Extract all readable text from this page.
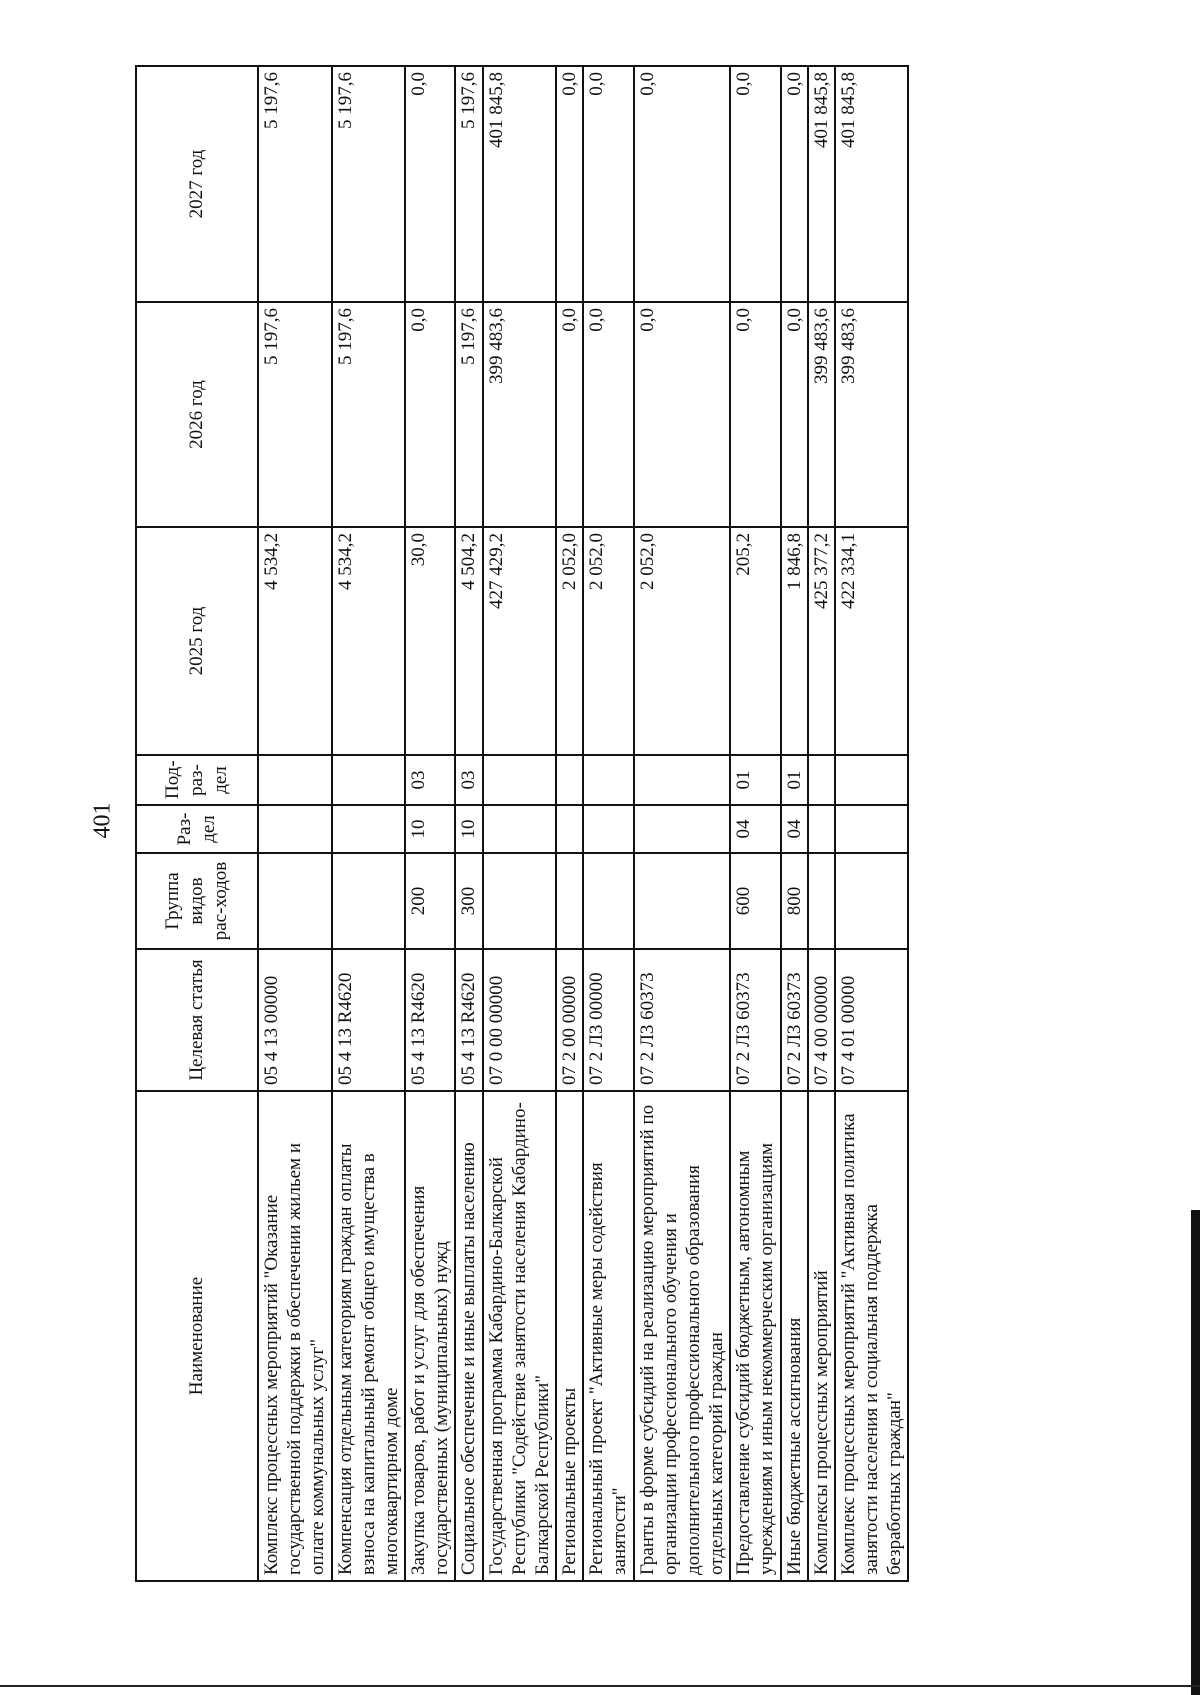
401
Наименование	Целевая статья	Группа видов рас-ходов	Раз-дел	Под-раз-дел	2025 год	2026 год	2027 год
Комплекс процессных мероприятий "Оказание государственной поддержки в обеспечении жильем и оплате коммунальных услуг"	05 4 13 00000				4 534,2	5 197,6	5 197,6
Компенсация отдельным категориям граждан оплаты взноса на капитальный ремонт общего имущества в многоквартирном доме	05 4 13 R4620				4 534,2	5 197,6	5 197,6
Закупка товаров, работ и услуг для обеспечения государственных (муниципальных) нужд	05 4 13 R4620	200	10	03	30,0	0,0	0,0
Социальное обеспечение и иные выплаты населению	05 4 13 R4620	300	10	03	4 504,2	5 197,6	5 197,6
Государственная программа Кабардино-Балкарской Республики "Содействие занятости населения Кабардино-Балкарской Республики"	07 0 00 00000				427 429,2	399 483,6	401 845,8
Региональные проекты	07 2 00 00000				2 052,0	0,0	0,0
Региональный проект "Активные меры содействия занятости"	07 2 Л3 00000				2 052,0	0,0	0,0
Гранты в форме субсидий на реализацию мероприятий по организации профессионального обучения и дополнительного профессионального образования отдельных категорий граждан	07 2 Л3 60373				2 052,0	0,0	0,0
Предоставление субсидий бюджетным, автономным учреждениям и иным некоммерческим организациям	07 2 Л3 60373	600	04	01	205,2	0,0	0,0
Иные бюджетные ассигнования	07 2 Л3 60373	800	04	01	1 846,8	0,0	0,0
Комплексы процессных мероприятий	07 4 00 00000				425 377,2	399 483,6	401 845,8
Комплекс процессных мероприятий "Активная политика занятости населения и социальная поддержка безработных граждан"	07 4 01 00000				422 334,1	399 483,6	401 845,8
